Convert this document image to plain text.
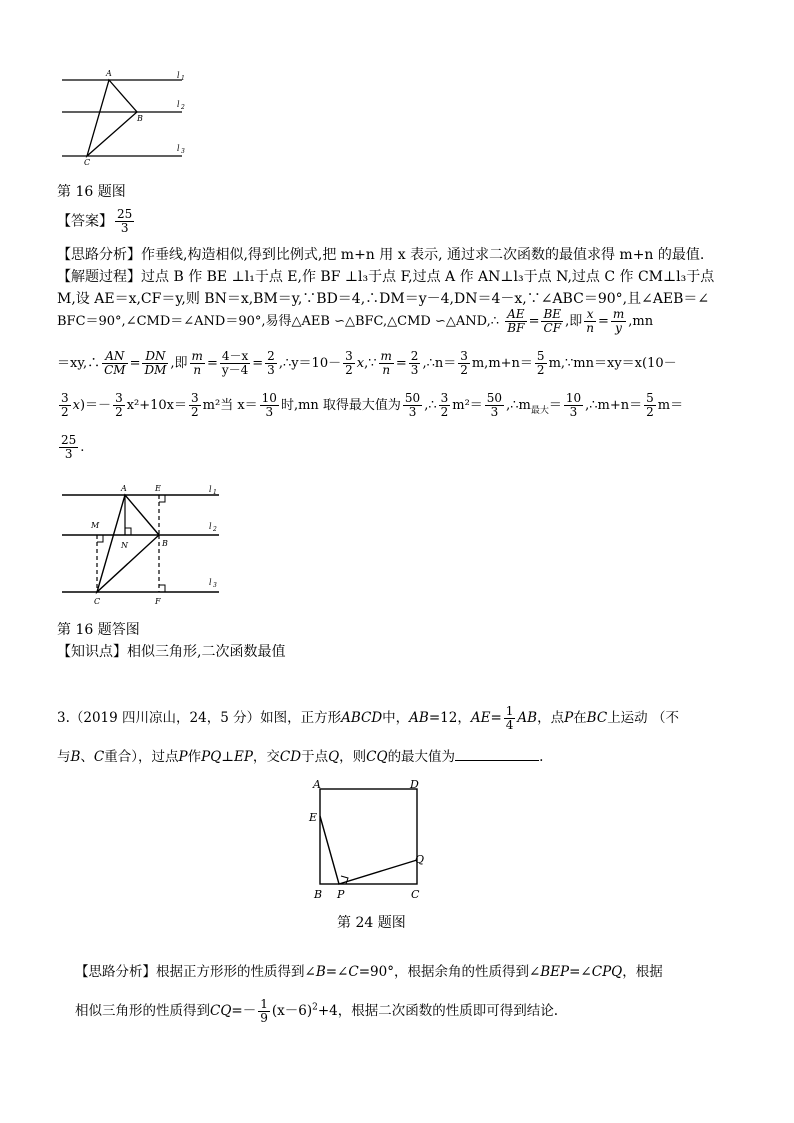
A
B
C
l 1
l 2
l 3
第 16 题图
【答案】 $\frac{25}{3}$
【思路分析】作垂线,构造相似,得到比例式,把 m+n 用 x 表示, 通过求二次函数的最值求得 m+n 的最值.
【解题过程】过点 B 作 BE ⊥l₁于点 E,作 BF ⊥l₃于点 F,过点 A 作 AN⊥l₃于点 N,过点 C 作 CM⊥l₃于点
M,设 AE＝x,CF＝y,则 BN＝x,BM＝y,∵BD＝4,∴DM＝y－4,DN＝4－x,∵∠ABC＝90°,且∠AEB＝∠
BFC＝90°,∠CMD＝∠AND＝90°,易得△AEB ∽△BFC,△CMD ∽△AND,∴ $\frac{AE}{BF} = \frac{BE}{CF}$ ,即 $\frac{x}{n} = \frac{m}{y} ,mn$
＝xy,∴ $\frac{AN}{CM} = \frac{DN}{DM}$ ,即 $\frac{m}{n} = \frac{4-x}{y-4} = \frac{2}{3}$ ,∴y＝10－ $\frac{3}{2}$ x,∵ $\frac{m}{n} = \frac{2}{3}$ ,∴n＝ $\frac{3}{2} m,m+n= \frac{5}{2}$ m,∵mn＝xy＝x(10－
$\frac{3}{2} x)=- \frac{3}{2} x^2+10x= \frac{3}{2} m^2$当 $x= \frac{10}{3}$ 时,mn 取得最大值为 $\frac{50}{3}$ ,∴ $\frac{3}{2} m^2= \frac{50}{3}$ $,\therefore m_{最大}= \frac{10}{3}$ ,∴m+n＝ $\frac{5}{2} m=$
$\frac{25}{3}$ .
A	E
B
C	F
M
N
l 1
l 2
l 3
第 16 题答图
【知识点】相似三角形,二次函数最值
3.（2019 四川凉山，24，5 分）如图，正方形ABCD中，AB=12，$AE= \frac{1}{4}$ AB，点P在BC上运动 （不
与B、C重合），过点P作PQ⊥EP，交CD于点Q，则CQ的最大值为	.
A	D
E
Q
B P	C
第 24 题图
【思路分析】根据正方形形的性质得到∠B=∠C=90°，根据余角的性质得到∠BEP=∠CPQ，根据
相似三角形的性质得到$CQ=- \frac{1}{9} (x-6)^2+4$，根据二次函数的性质即可得到结论.
